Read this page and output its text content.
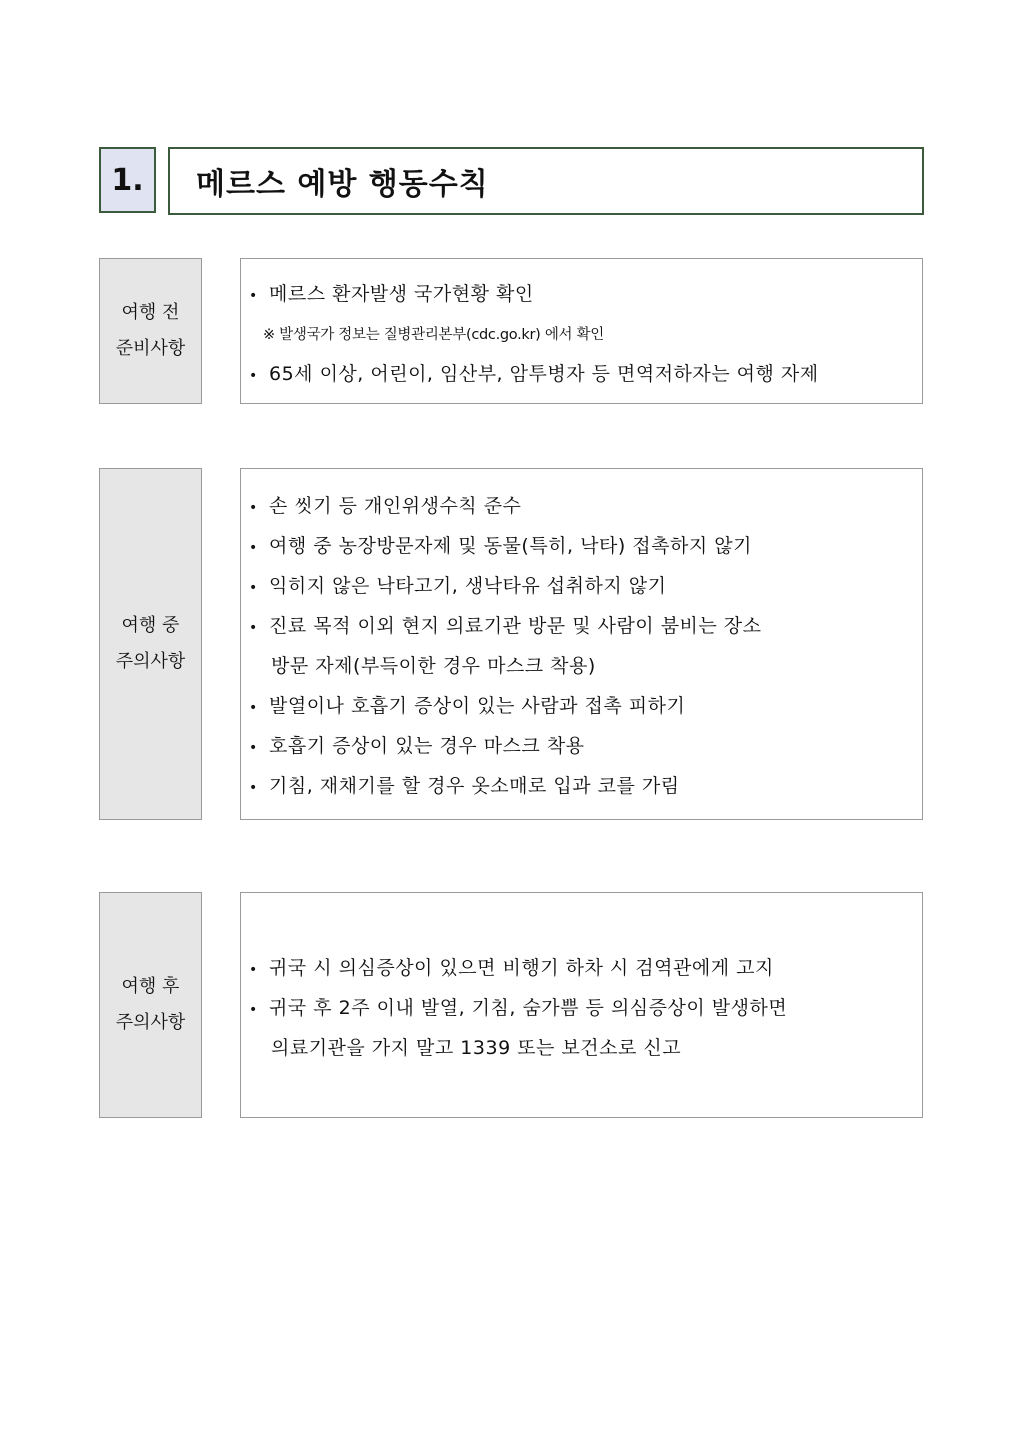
1. 메르스 예방 행동수칙
여행 전
준비사항
• 메르스 환자발생 국가현황 확인
※ 발생국가 정보는 질병관리본부(cdc.go.kr) 에서 확인
• 65세 이상, 어린이, 임산부, 암투병자 등 면역저하자는 여행 자제
여행 중
주의사항
• 손 씻기 등 개인위생수칙 준수
• 여행 중 농장방문자제 및 동물(특히, 낙타) 접촉하지 않기
• 익히지 않은 낙타고기, 생낙타유 섭취하지 않기
• 진료 목적 이외 현지 의료기관 방문 및 사람이 붐비는 장소
방문 자제(부득이한 경우 마스크 착용)
• 발열이나 호흡기 증상이 있는 사람과 접촉 피하기
• 호흡기 증상이 있는 경우 마스크 착용
• 기침, 재채기를 할 경우 옷소매로 입과 코를 가림
여행 후
주의사항
• 귀국 시 의심증상이 있으면 비행기 하차 시 검역관에게 고지
• 귀국 후 2주 이내 발열, 기침, 숨가쁨 등 의심증상이 발생하면
의료기관을 가지 말고 1339 또는 보건소로 신고
